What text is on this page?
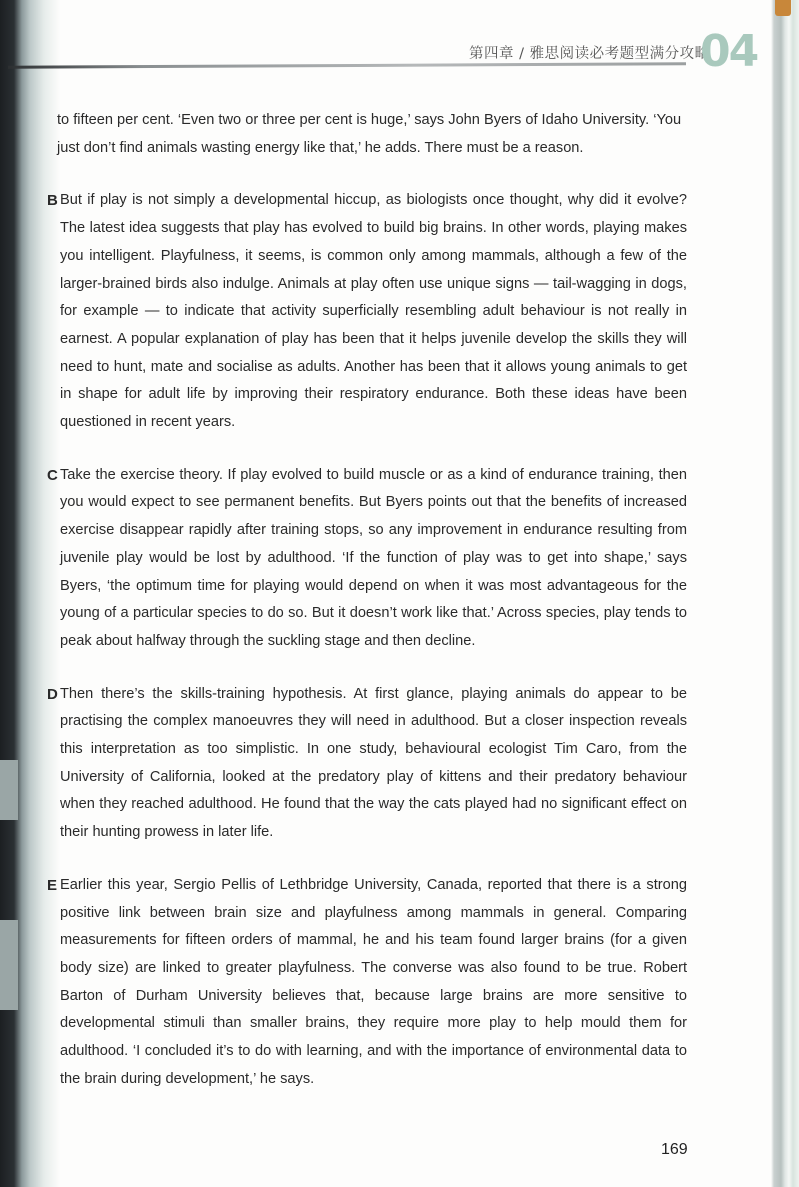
第四章 / 雅思阅读必考题型满分攻略
04
to fifteen per cent. ‘Even two or three per cent is huge,’ says John Byers of Idaho University. ‘You just don’t find animals wasting energy like that,’ he adds. There must be a reason.
B But if play is not simply a developmental hiccup, as biologists once thought, why did it evolve? The latest idea suggests that play has evolved to build big brains. In other words, playing makes you intelligent. Playfulness, it seems, is common only among mammals, although a few of the larger-brained birds also indulge. Animals at play often use unique signs — tail-wagging in dogs, for example — to indicate that activity superficially resembling adult behaviour is not really in earnest. A popular explanation of play has been that it helps juvenile develop the skills they will need to hunt, mate and socialise as adults. Another has been that it allows young animals to get in shape for adult life by improving their respiratory endurance. Both these ideas have been questioned in recent years.
C Take the exercise theory. If play evolved to build muscle or as a kind of endurance training, then you would expect to see permanent benefits. But Byers points out that the benefits of increased exercise disappear rapidly after training stops, so any improvement in endurance resulting from juvenile play would be lost by adulthood. ‘If the function of play was to get into shape,’ says Byers, ‘the optimum time for playing would depend on when it was most advantageous for the young of a particular species to do so. But it doesn’t work like that.’ Across species, play tends to peak about halfway through the suckling stage and then decline.
D Then there’s the skills-training hypothesis. At first glance, playing animals do appear to be practising the complex manoeuvres they will need in adulthood. But a closer inspection reveals this interpretation as too simplistic. In one study, behavioural ecologist Tim Caro, from the University of California, looked at the predatory play of kittens and their predatory behaviour when they reached adulthood. He found that the way the cats played had no significant effect on their hunting prowess in later life.
E Earlier this year, Sergio Pellis of Lethbridge University, Canada, reported that there is a strong positive link between brain size and playfulness among mammals in general. Comparing measurements for fifteen orders of mammal, he and his team found larger brains (for a given body size) are linked to greater playfulness. The converse was also found to be true. Robert Barton of Durham University believes that, because large brains are more sensitive to developmental stimuli than smaller brains, they require more play to help mould them for adulthood. ‘I concluded it’s to do with learning, and with the importance of environmental data to the brain during development,’ he says.
169
